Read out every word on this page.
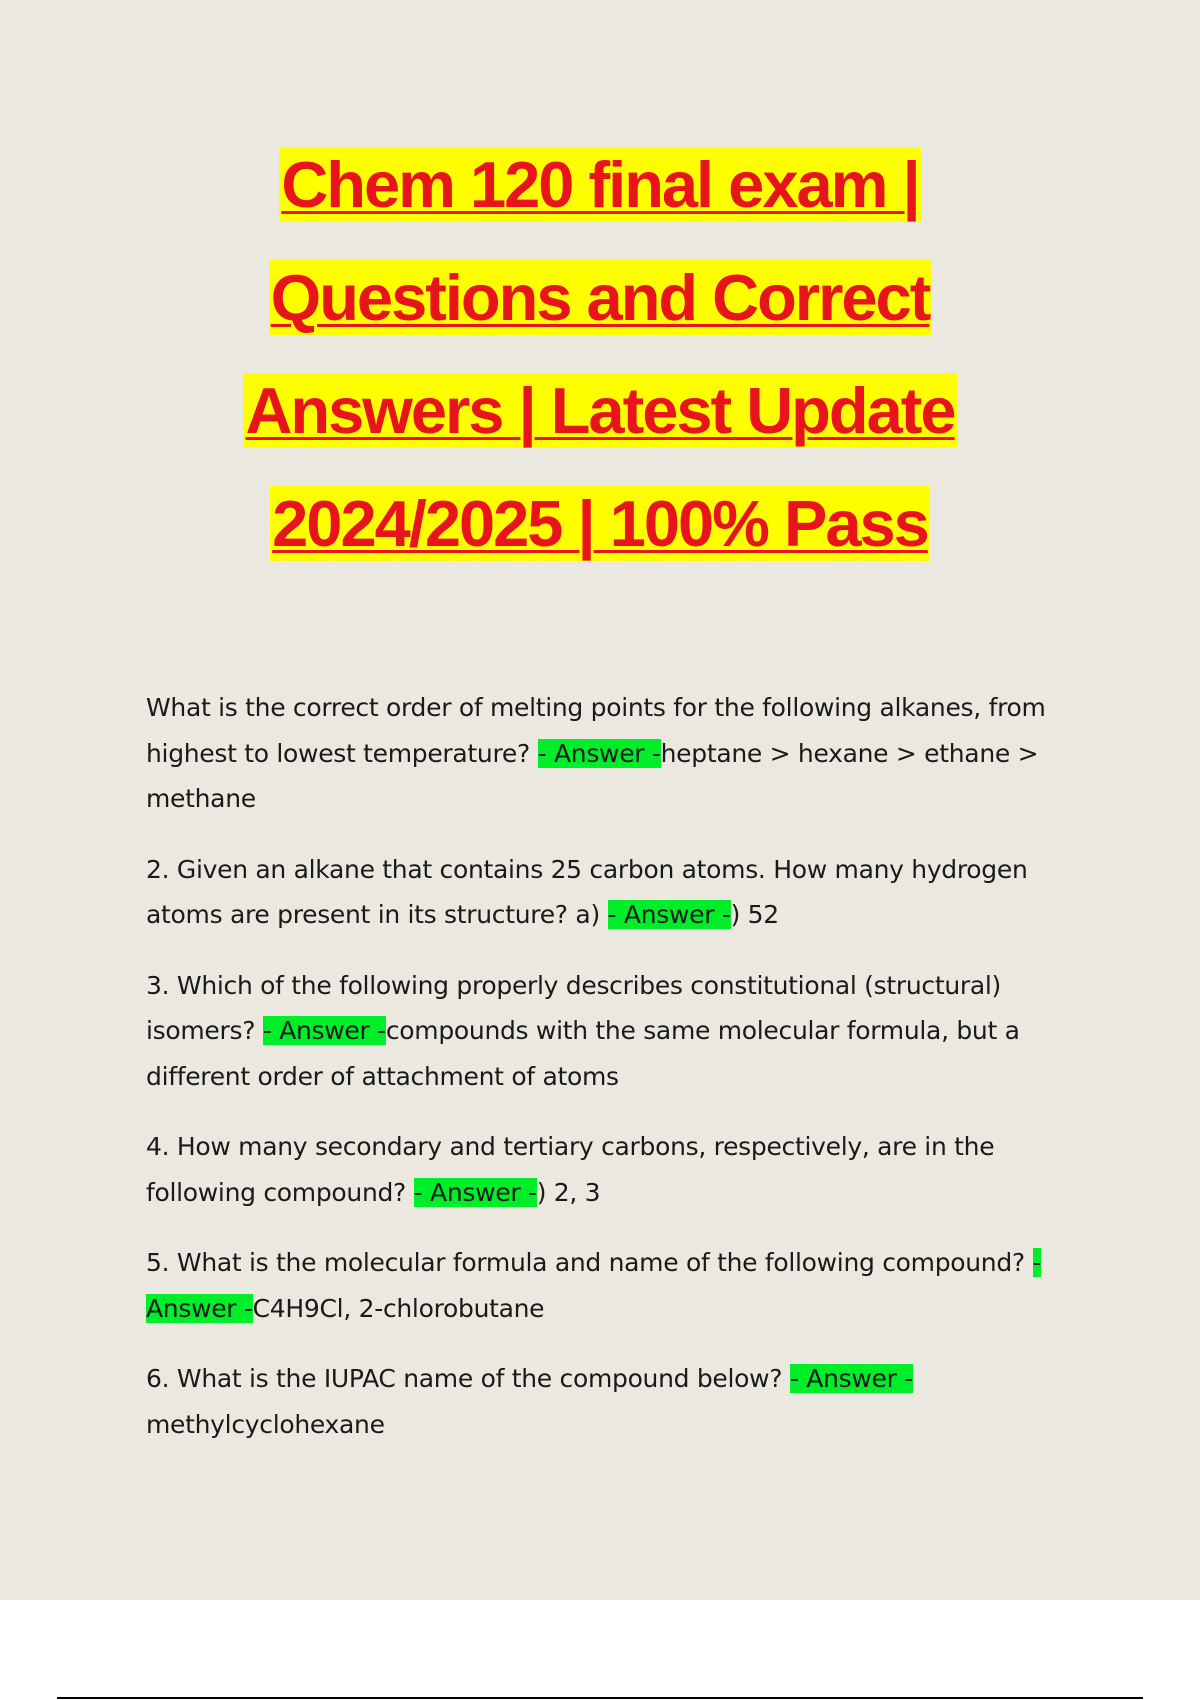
Chem 120 final exam |
Questions and Correct
Answers | Latest Update
2024/2025 | 100% Pass

What is the correct order of melting points for the following alkanes, from highest to lowest temperature? - Answer -heptane > hexane > ethane > methane

2. Given an alkane that contains 25 carbon atoms. How many hydrogen atoms are present in its structure? a) - Answer -) 52

3. Which of the following properly describes constitutional (structural) isomers? - Answer -compounds with the same molecular formula, but a different order of attachment of atoms

4. How many secondary and tertiary carbons, respectively, are in the following compound? - Answer -) 2, 3

5. What is the molecular formula and name of the following compound? - Answer -C4H9Cl, 2-chlorobutane

6. What is the IUPAC name of the compound below? - Answer -methylcyclohexane
